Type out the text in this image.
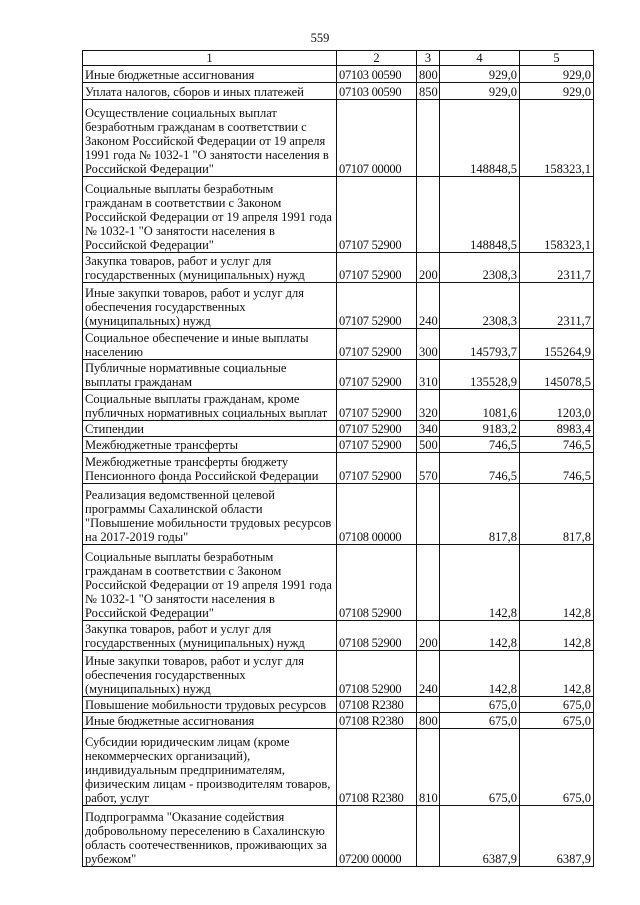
559
1	2	3	4	5
Иные бюджетные ассигнования	07103 00590	800	929,0	929,0
Уплата налогов, сборов и иных платежей	07103 00590	850	929,0	929,0
Осуществление социальных выплат безработным гражданам в соответствии с Законом Российской Федерации от 19 апреля 1991 года № 1032-1 "О занятости населения в Российской Федерации"	07107 00000		148848,5	158323,1
Социальные выплаты безработным гражданам в соответствии с Законом Российской Федерации от 19 апреля 1991 года № 1032-1 "О занятости населения в Российской Федерации"	07107 52900		148848,5	158323,1
Закупка товаров, работ и услуг для государственных (муниципальных) нужд	07107 52900	200	2308,3	2311,7
Иные закупки товаров, работ и услуг для обеспечения государственных (муниципальных) нужд	07107 52900	240	2308,3	2311,7
Социальное обеспечение и иные выплаты населению	07107 52900	300	145793,7	155264,9
Публичные нормативные социальные выплаты гражданам	07107 52900	310	135528,9	145078,5
Социальные выплаты гражданам, кроме публичных нормативных социальных выплат	07107 52900	320	1081,6	1203,0
Стипендии	07107 52900	340	9183,2	8983,4
Межбюджетные трансферты	07107 52900	500	746,5	746,5
Межбюджетные трансферты бюджету Пенсионного фонда Российской Федерации	07107 52900	570	746,5	746,5
Реализация ведомственной целевой программы Сахалинской области "Повышение мобильности трудовых ресурсов на 2017-2019 годы"	07108 00000		817,8	817,8
Социальные выплаты безработным гражданам в соответствии с Законом Российской Федерации от 19 апреля 1991 года № 1032-1 "О занятости населения в Российской Федерации"	07108 52900		142,8	142,8
Закупка товаров, работ и услуг для государственных (муниципальных) нужд	07108 52900	200	142,8	142,8
Иные закупки товаров, работ и услуг для обеспечения государственных (муниципальных) нужд	07108 52900	240	142,8	142,8
Повышение мобильности трудовых ресурсов	07108 R2380		675,0	675,0
Иные бюджетные ассигнования	07108 R2380	800	675,0	675,0
Субсидии юридическим лицам (кроме некоммерческих организаций), индивидуальным предпринимателям, физическим лицам - производителям товаров, работ, услуг	07108 R2380	810	675,0	675,0
Подпрограмма "Оказание содействия добровольному переселению в Сахалинскую область соотечественников, проживающих за рубежом"	07200 00000		6387,9	6387,9
